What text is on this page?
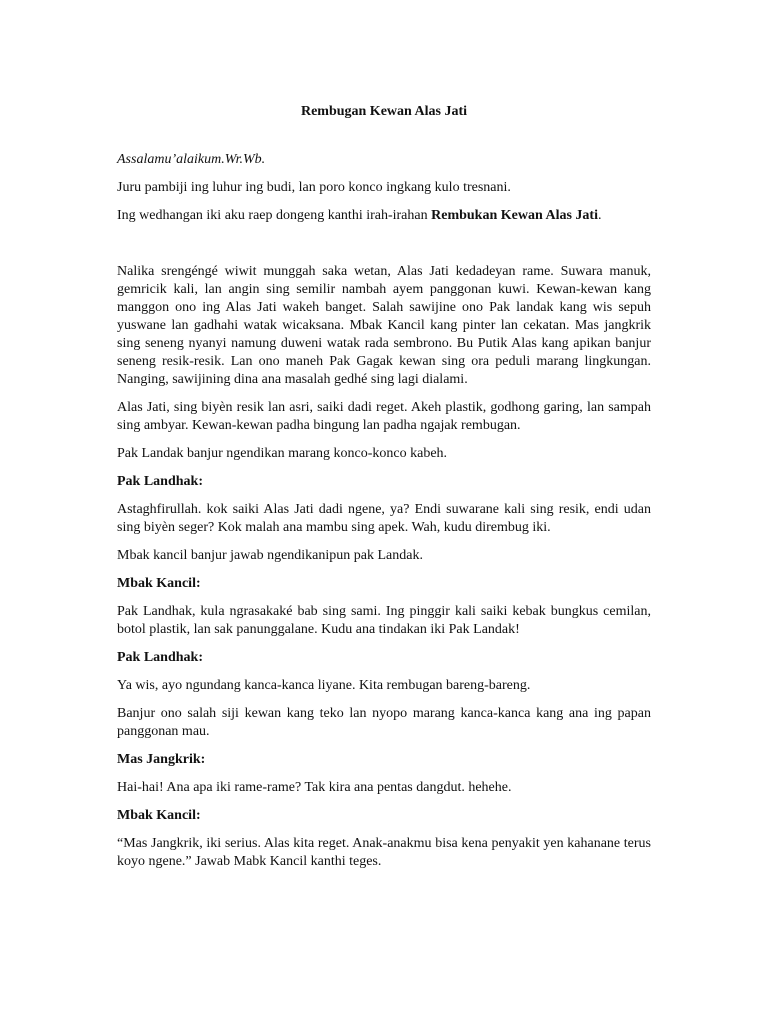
Rembugan Kewan Alas Jati

Assalamu’alaikum.Wr.Wb.

Juru pambiji ing luhur ing budi, lan poro konco ingkang kulo tresnani.

Ing wedhangan iki aku raep dongeng kanthi irah-irahan Rembukan Kewan Alas Jati.

Nalika srengéngé wiwit munggah saka wetan, Alas Jati kedadeyan rame. Suwara manuk, gemricik kali, lan angin sing semilir nambah ayem panggonan kuwi. Kewan-kewan kang manggon ono ing Alas Jati wakeh banget. Salah sawijine ono Pak landak kang wis sepuh yuswane lan gadhahi watak wicaksana. Mbak Kancil kang pinter lan cekatan. Mas jangkrik sing seneng nyanyi namung duweni watak rada sembrono. Bu Putik Alas kang apikan banjur seneng resik-resik. Lan ono maneh Pak Gagak kewan sing ora peduli marang lingkungan. Nanging, sawijining dina ana masalah gedhé sing lagi dialami.

Alas Jati, sing biyèn resik lan asri, saiki dadi reget. Akeh plastik, godhong garing, lan sampah sing ambyar. Kewan-kewan padha bingung lan padha ngajak rembugan.

Pak Landak banjur ngendikan marang konco-konco kabeh.

Pak Landhak:

Astaghfirullah. kok saiki Alas Jati dadi ngene, ya? Endi suwarane kali sing resik, endi udan sing biyèn seger? Kok malah ana mambu sing apek. Wah, kudu dirembug iki.

Mbak kancil banjur jawab ngendikanipun pak Landak.

Mbak Kancil:

Pak Landhak, kula ngrasakaké bab sing sami. Ing pinggir kali saiki kebak bungkus cemilan, botol plastik, lan sak panunggalane. Kudu ana tindakan iki Pak Landak!

Pak Landhak:

Ya wis, ayo ngundang kanca-kanca liyane. Kita rembugan bareng-bareng.

Banjur ono salah siji kewan kang teko lan nyopo marang kanca-kanca kang ana ing papan panggonan mau.

Mas Jangkrik:

Hai-hai! Ana apa iki rame-rame? Tak kira ana pentas dangdut. hehehe.

Mbak Kancil:

“Mas Jangkrik, iki serius. Alas kita reget. Anak-anakmu bisa kena penyakit yen kahanane terus koyo ngene.” Jawab Mabk Kancil kanthi teges.
